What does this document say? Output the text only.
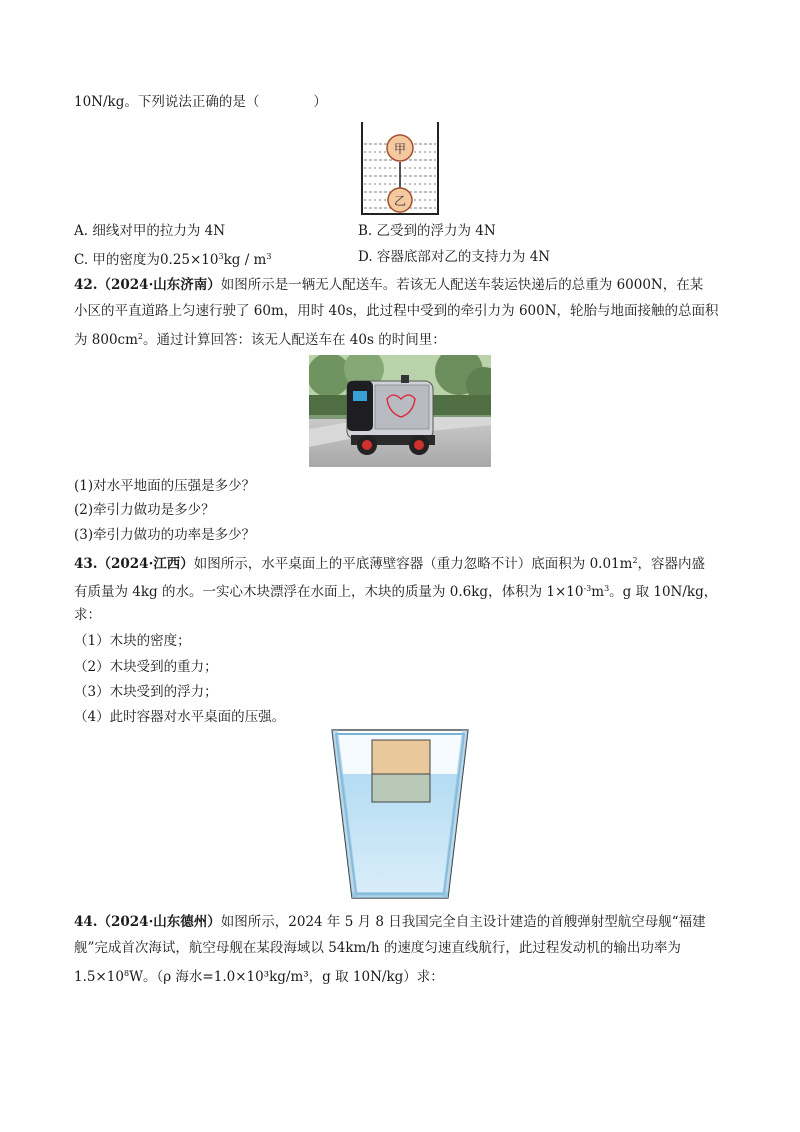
10N/kg。下列说法正确的是（　　　　）
甲
乙
A. 细线对甲的拉力为 4N	B. 乙受到的浮力为 4N
C. 甲的密度为$0.25\times 10^3kg / m^3$	D. 容器底部对乙的支持力为 4N
42.（2024·山东济南）如图所示是一辆无人配送车。若该无人配送车装运快递后的总重为 6000N，在某
小区的平直道路上匀速行驶了 60m，用时 40s，此过程中受到的牵引力为 600N，轮胎与地面接触的总面积
为 $800cm^2$。通过计算回答：该无人配送车在 40s 的时间里：
(1)对水平地面的压强是多少？
(2)牵引力做功是多少？
(3)牵引力做功的功率是多少？
43.（2024·江西）如图所示，水平桌面上的平底薄壁容器（重力忽略不计）底面积为 $0.01m^2$，容器内盛
有质量为 4kg 的水。一实心木块漂浮在水面上，木块的质量为 0.6kg，体积为 $1\times 10^{-3}m^3$。g 取 10N/kg，
求：
（1）木块的密度；
（2）木块受到的重力；
（3）木块受到的浮力；
（4）此时容器对水平桌面的压强。
44.（2024·山东德州）如图所示，2024 年 5 月 8 日我国完全自主设计建造的首艘弹射型航空母舰“福建
舰”完成首次海试，航空母舰在某段海域以 54km/h 的速度匀速直线航行，此过程发动机的输出功率为
$1.5\times 10^8W$。（ρ 海水=1.0×10³kg/m³，g 取 10N/kg）求：
